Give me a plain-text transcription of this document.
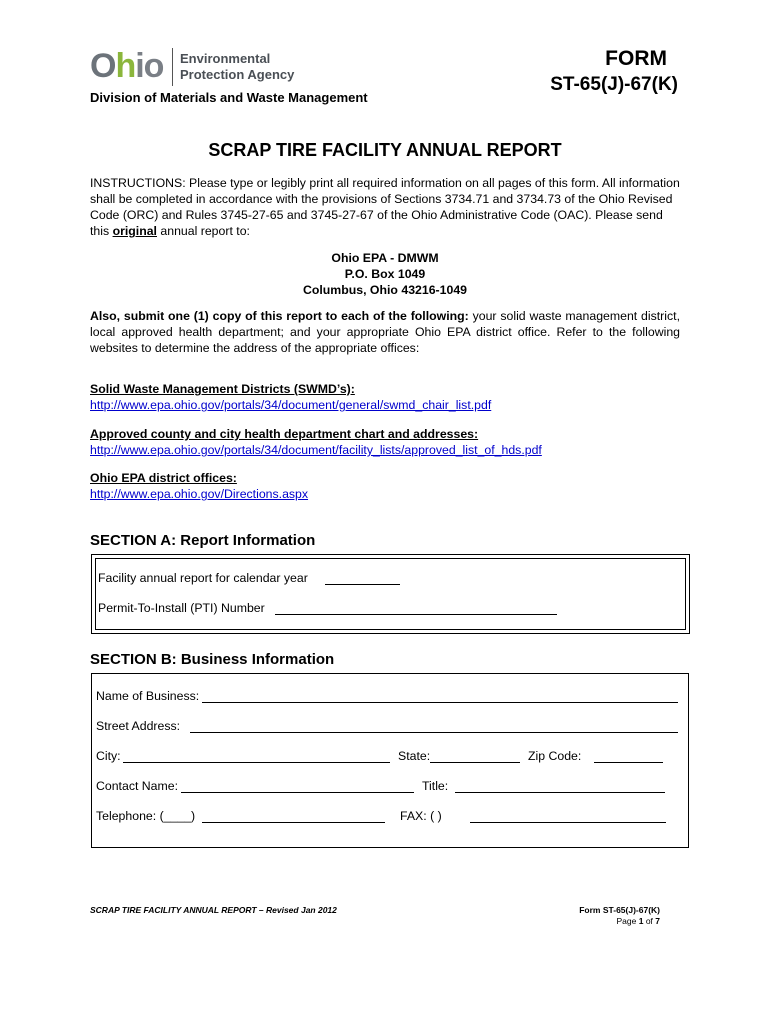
Ohio Environmental
Protection Agency
Division of Materials and Waste Management
FORM
ST-65(J)-67(K)
SCRAP TIRE FACILITY ANNUAL REPORT
INSTRUCTIONS: Please type or legibly print all required information on all pages of this form. All information shall be completed in accordance with the provisions of Sections 3734.71 and 3734.73 of the Ohio Revised Code (ORC) and Rules 3745-27-65 and 3745-27-67 of the Ohio Administrative Code (OAC). Please send this original annual report to:
Ohio EPA - DMWM
P.O. Box 1049
Columbus, Ohio 43216-1049
Also, submit one (1) copy of this report to each of the following: your solid waste management district, local approved health department; and your appropriate Ohio EPA district office. Refer to the following websites to determine the address of the appropriate offices:
Solid Waste Management Districts (SWMD’s):
http://www.epa.ohio.gov/portals/34/document/general/swmd_chair_list.pdf
Approved county and city health department chart and addresses:
http://www.epa.ohio.gov/portals/34/document/facility_lists/approved_list_of_hds.pdf
Ohio EPA district offices:
http://www.epa.ohio.gov/Directions.aspx
SECTION A: Report Information
Facility annual report for calendar year
Permit-To-Install (PTI) Number
SECTION B: Business Information
Name of Business:
Street Address:
City:	State:	Zip Code:
Contact Name:	Title:
Telephone: (____)	FAX: ( )
SCRAP TIRE FACILITY ANNUAL REPORT – Revised Jan 2012	Form ST-65(J)-67(K)
Page 1 of 7
